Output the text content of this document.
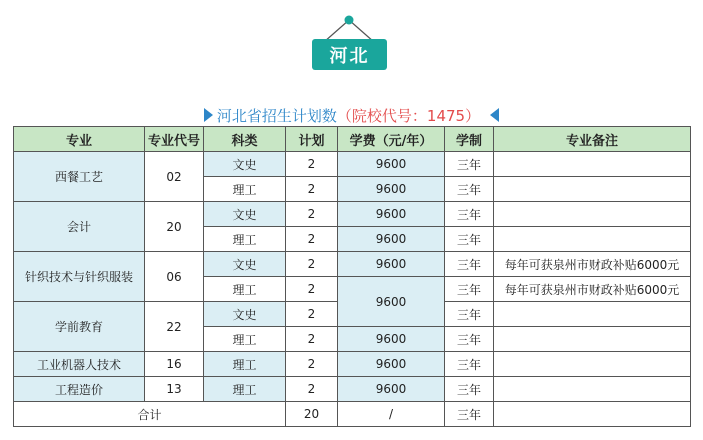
河北
河北省招生计划数 （院校代号：1475）
专业	专业代号	科类	计划	学费（元/年）	学制	专业备注
西餐工艺	02	文史	2	9600	三年	
		理工	2	9600	三年	
会计	20	文史	2	9600	三年	
		理工	2	9600	三年	
针织技术与针织服装	06	文史	2	9600	三年	每年可获泉州市财政补贴6000元
		理工	2	9600	三年	每年可获泉州市财政补贴6000元
学前教育	22	文史	2		三年	
		理工	2	9600	三年	
工业机器人技术	16	理工	2	9600	三年	
工程造价	13	理工	2	9600	三年	
合计			20	/	三年	
